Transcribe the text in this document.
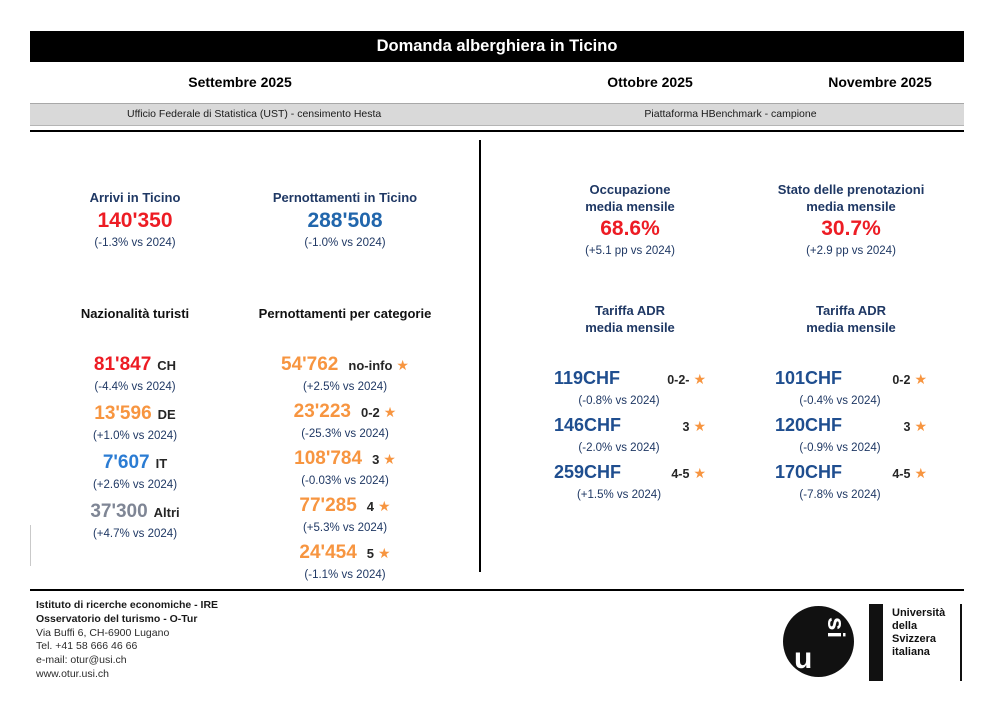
Domanda alberghiera in Ticino
Settembre 2025	Ottobre 2025	Novembre 2025
Ufficio Federale di Statistica (UST) - censimento Hesta	Piattaforma HBenchmark - campione
Arrivi in Ticino
140'350
(-1.3% vs 2024)
Nazionalità turisti
81'847 CH
(-4.4% vs 2024)
13'596 DE
(+1.0% vs 2024)
7'607 IT
(+2.6% vs 2024)
37'300 Altri
(+4.7% vs 2024)
Pernottamenti in Ticino
288'508
(-1.0% vs 2024)
Pernottamenti per categorie
54'762 no-info ★
(+2.5% vs 2024)
23'223 0-2 ★
(-25.3% vs 2024)
108'784 3 ★
(-0.03% vs 2024)
77'285 4 ★
(+5.3% vs 2024)
24'454 5 ★
(-1.1% vs 2024)
Occupazione
media mensile
68.6%
(+5.1 pp vs 2024)
Tariffa ADR
media mensile
119CHF	0-2- ★
(-0.8% vs 2024)
146CHF	3 ★
(-2.0% vs 2024)
259CHF	4-5 ★
(+1.5% vs 2024)
Stato delle prenotazioni
media mensile
30.7%
(+2.9 pp vs 2024)
Tariffa ADR
media mensile
101CHF	0-2 ★
(-0.4% vs 2024)
120CHF	3 ★
(-0.9% vs 2024)
170CHF	4-5 ★
(-7.8% vs 2024)
Istituto di ricerche economiche - IRE
Osservatorio del turismo - O-Tur
Via Buffi 6, CH-6900 Lugano
Tel. +41 58 666 46 66
e-mail: otur@usi.ch
www.otur.usi.ch	u
si
Università
della
Svizzera
italiana
